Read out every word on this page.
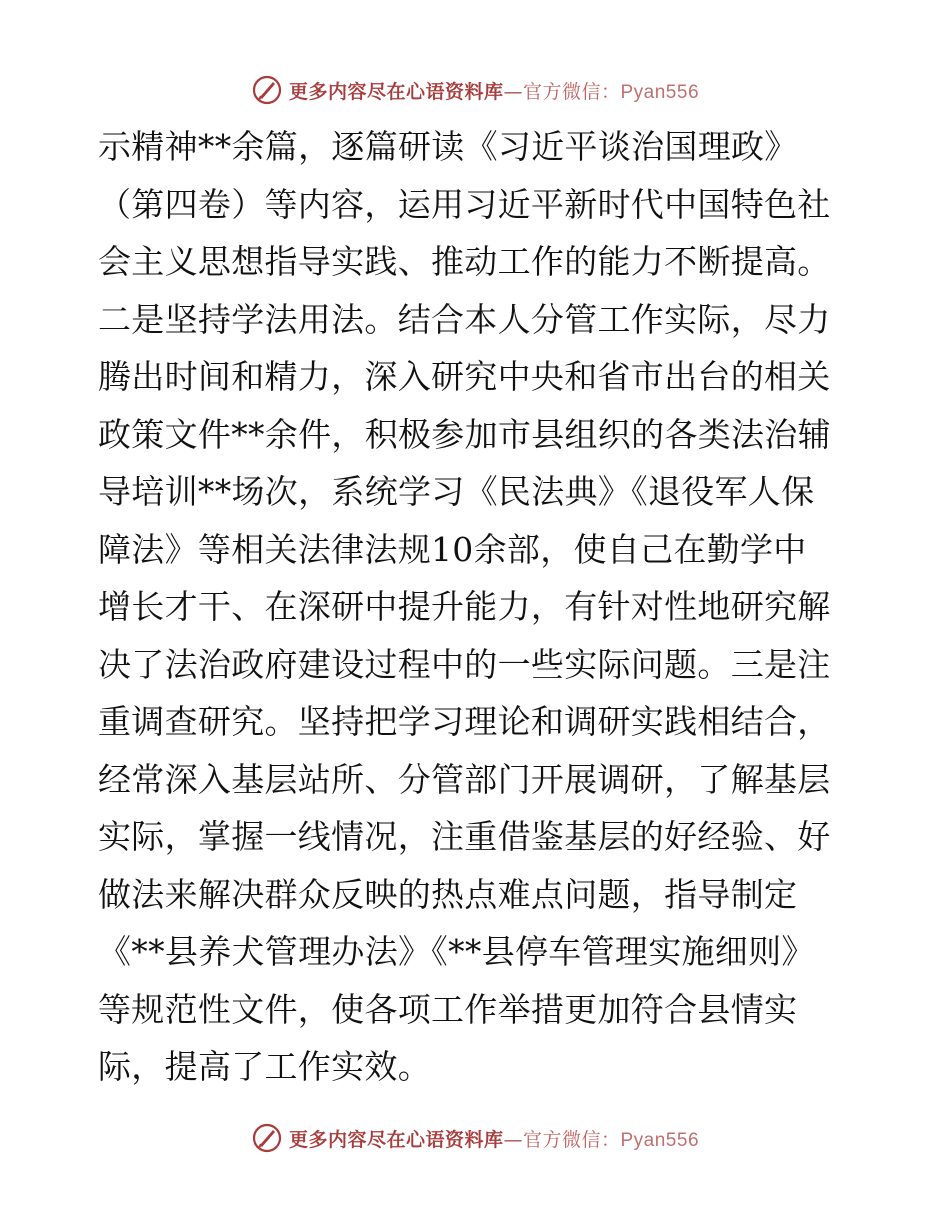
更多内容尽在心语资料库—官方微信：Pyan556
示精神**余篇，逐篇研读《习近平谈治国理政》
（第四卷）等内容，运用习近平新时代中国特色社
会主义思想指导实践、推动工作的能力不断提高。
二是坚持学法用法。结合本人分管工作实际，尽力
腾出时间和精力，深入研究中央和省市出台的相关
政策文件**余件，积极参加市县组织的各类法治辅
导培训**场次，系统学习《民法典》《退役军人保
障法》等相关法律法规10余部，使自己在勤学中
增长才干、在深研中提升能力，有针对性地研究解
决了法治政府建设过程中的一些实际问题。三是注
重调查研究。坚持把学习理论和调研实践相结合，
经常深入基层站所、分管部门开展调研，了解基层
实际，掌握一线情况，注重借鉴基层的好经验、好
做法来解决群众反映的热点难点问题，指导制定
《**县养犬管理办法》《**县停车管理实施细则》
等规范性文件，使各项工作举措更加符合县情实
际，提高了工作实效。
更多内容尽在心语资料库—官方微信：Pyan556
